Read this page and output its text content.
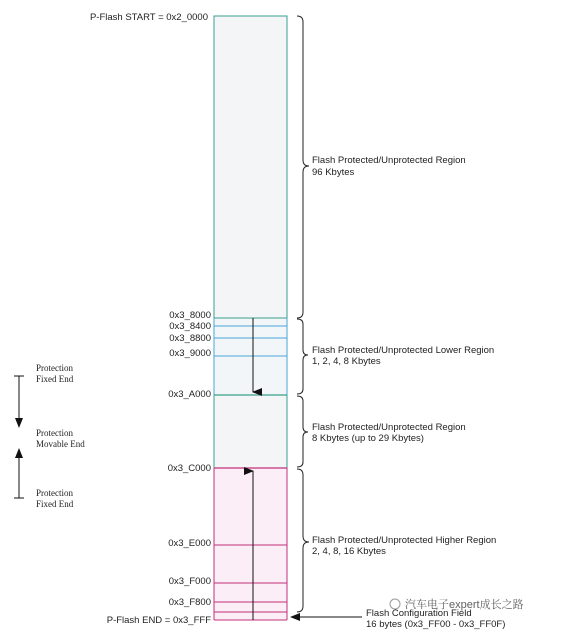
P-Flash START = 0x2_0000
0x3_8000
0x3_8400
0x3_8800
0x3_9000
0x3_A000
0x3_C000
0x3_E000
0x3_F000
0x3_F800
P-Flash END = 0x3_FFF
Flash Protected/Unprotected Region
96 Kbytes
Flash Protected/Unprotected Lower Region
1, 2, 4, 8 Kbytes
Flash Protected/Unprotected Region
8 Kbytes (up to 29 Kbytes)
Flash Protected/Unprotected Higher Region
2, 4, 8, 16 Kbytes
Flash Configuration Field
16 bytes (0x3_FF00 - 0x3_FF0F)
Protection
Fixed End
Protection
Movable End
Protection
Fixed End
汽车电子expert成长之路
